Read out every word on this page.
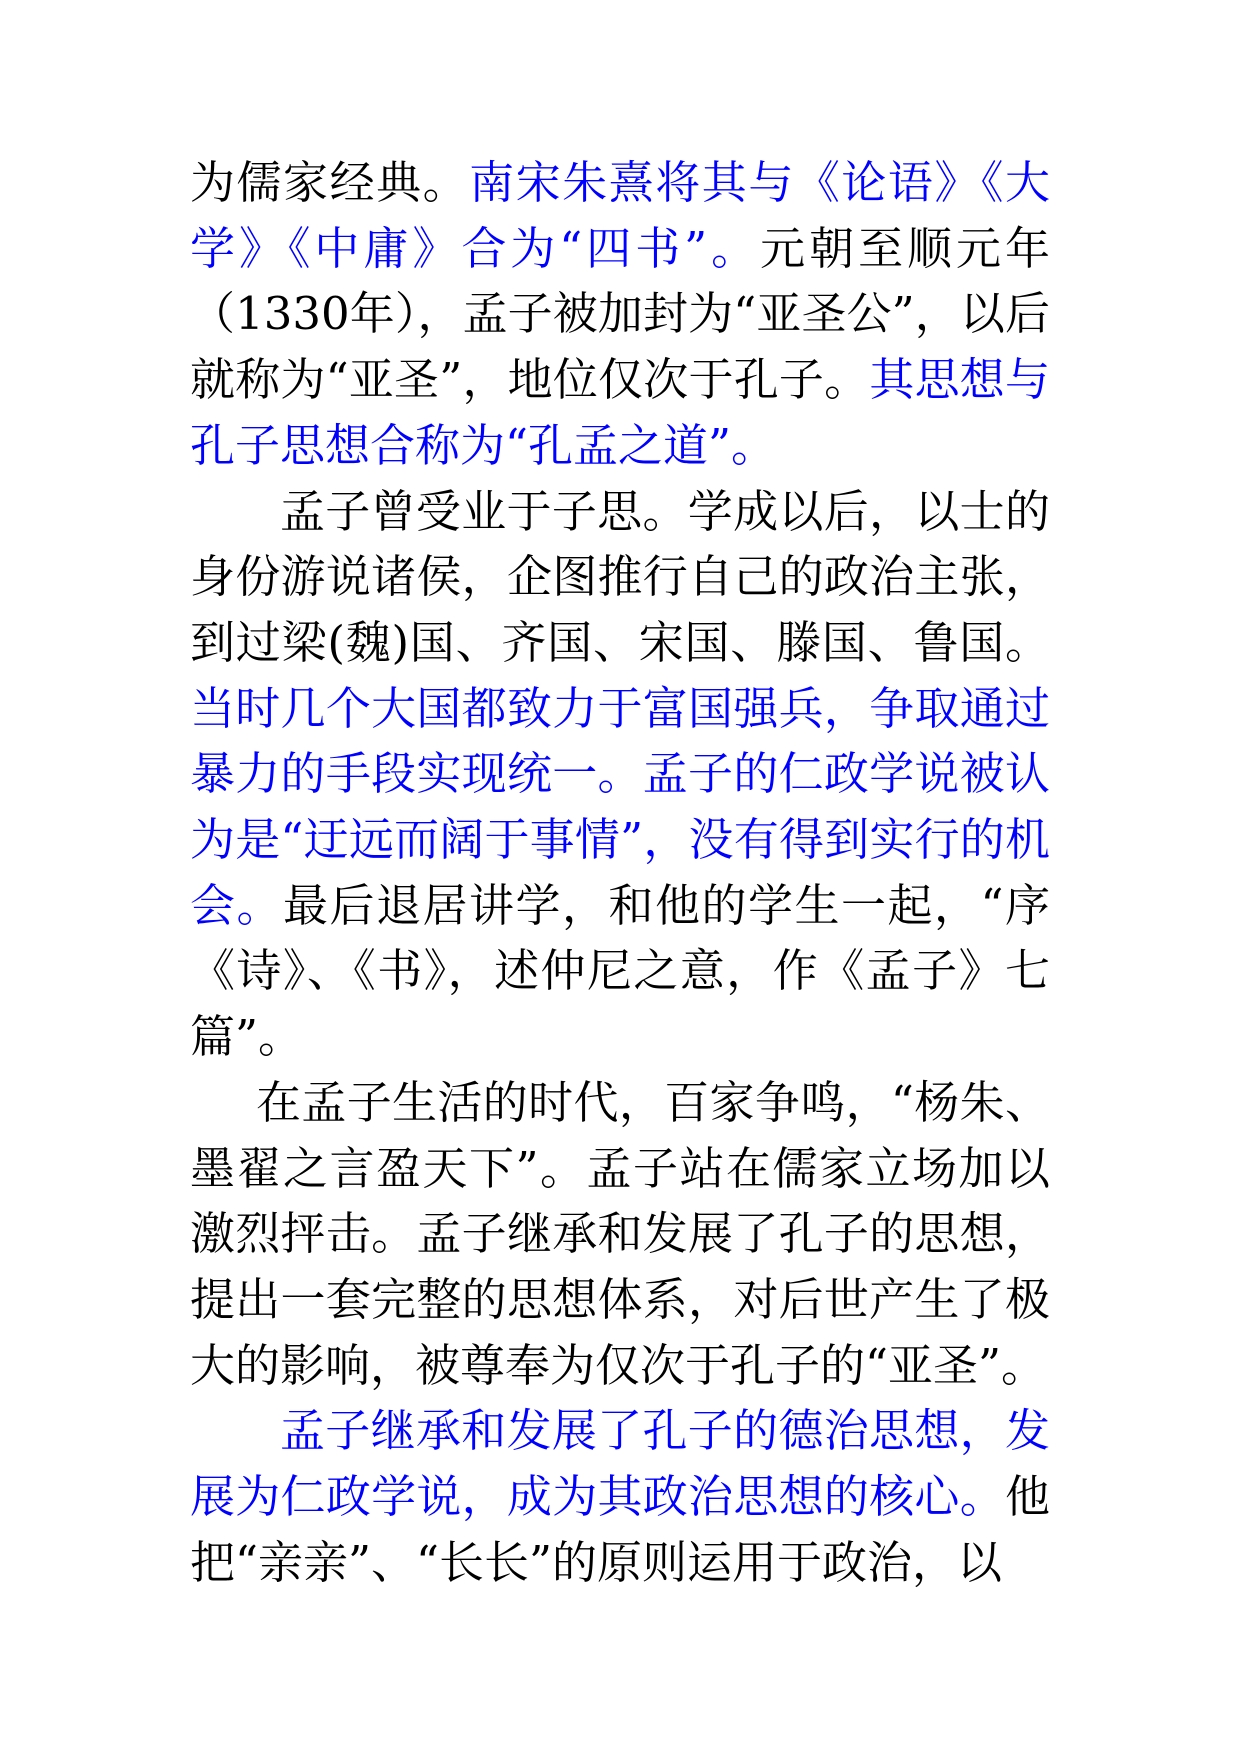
为儒家经典。南宋朱熹将其与《论语》《大学》《中庸》合为“四书”。元朝至顺元年（1330年），孟子被加封为“亚圣公”，以后就称为“亚圣”，地位仅次于孔子。其思想与孔子思想合称为“孔孟之道”。

孟子曾受业于子思。学成以后，以士的身份游说诸侯，企图推行自己的政治主张，到过梁(魏)国、齐国、宋国、滕国、鲁国。当时几个大国都致力于富国强兵，争取通过暴力的手段实现统一。孟子的仁政学说被认为是“迂远而阔于事情”，没有得到实行的机会。最后退居讲学，和他的学生一起，“序《诗》、《书》，述仲尼之意，作《孟子》七篇”。

在孟子生活的时代，百家争鸣，“杨朱、墨翟之言盈天下”。孟子站在儒家立场加以激烈抨击。孟子继承和发展了孔子的思想，提出一套完整的思想体系，对后世产生了极大的影响，被尊奉为仅次于孔子的“亚圣”。

孟子继承和发展了孔子的德治思想，发展为仁政学说，成为其政治思想的核心。他把“亲亲”、“长长”的原则运用于政治，以
